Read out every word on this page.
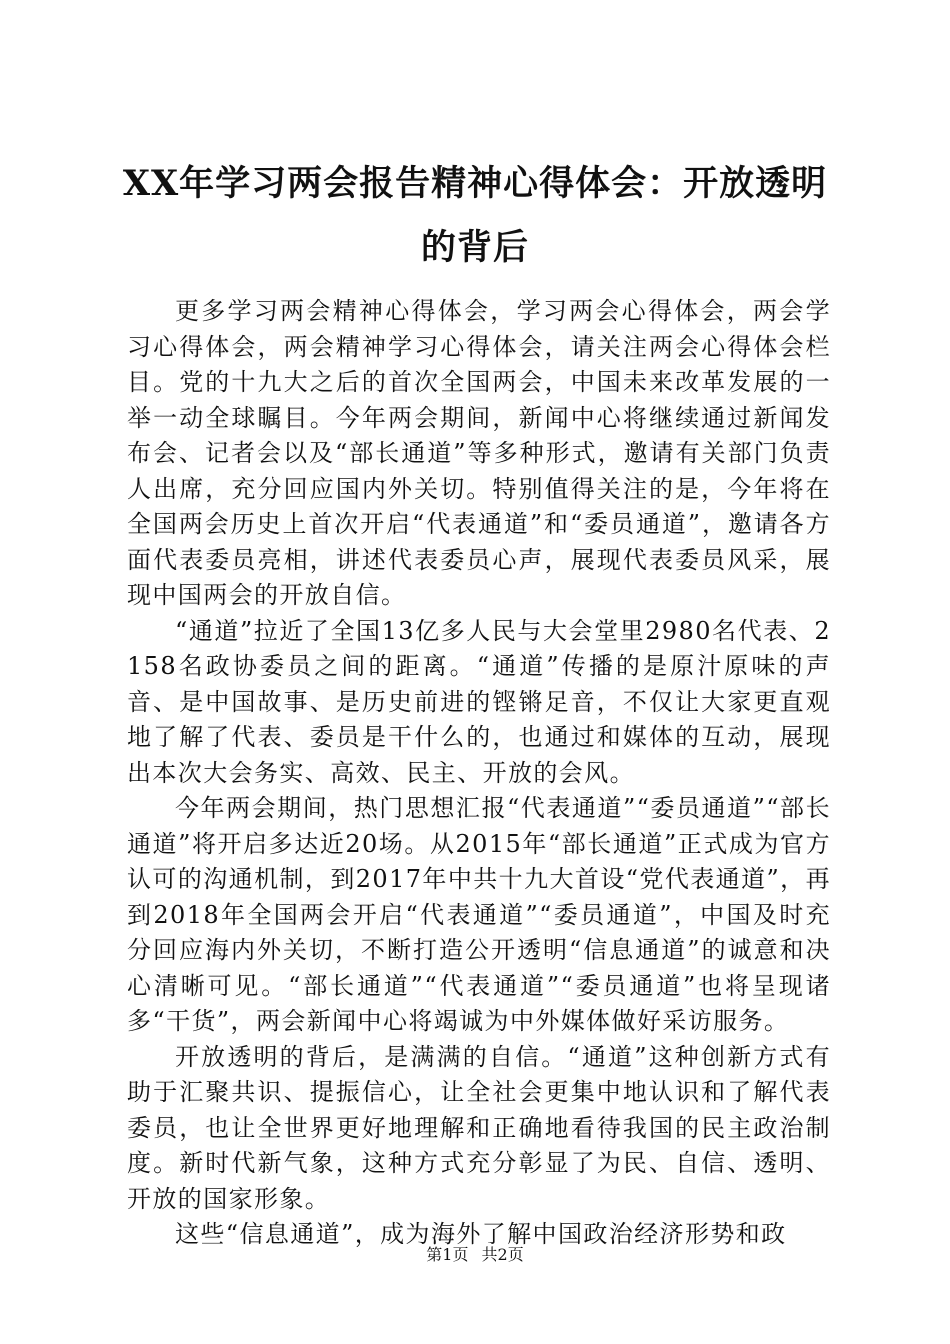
XX年学习两会报告精神心得体会：开放透明
的背后

更多学习两会精神心得体会，学习两会心得体会，两会学习心得体会，两会精神学习心得体会，请关注两会心得体会栏目。党的十九大之后的首次全国两会，中国未来改革发展的一举一动全球瞩目。今年两会期间，新闻中心将继续通过新闻发布会、记者会以及“部长通道”等多种形式，邀请有关部门负责人出席，充分回应国内外关切。特别值得关注的是，今年将在全国两会历史上首次开启“代表通道”和“委员通道”，邀请各方面代表委员亮相，讲述代表委员心声，展现代表委员风采，展现中国两会的开放自信。

“通道”拉近了全国13亿多人民与大会堂里2980名代表、2158名政协委员之间的距离。“通道”传播的是原汁原味的声音、是中国故事、是历史前进的铿锵足音，不仅让大家更直观地了解了代表、委员是干什么的，也通过和媒体的互动，展现出本次大会务实、高效、民主、开放的会风。

今年两会期间，热门思想汇报“代表通道”“委员通道”“部长通道”将开启多达近20场。从2015年“部长通道”正式成为官方认可的沟通机制，到2017年中共十九大首设“党代表通道”，再到2018年全国两会开启“代表通道”“委员通道”，中国及时充分回应海内外关切，不断打造公开透明“信息通道”的诚意和决心清晰可见。“部长通道”“代表通道”“委员通道”也将呈现诸多“干货”，两会新闻中心将竭诚为中外媒体做好采访服务。

开放透明的背后，是满满的自信。“通道”这种创新方式有助于汇聚共识、提振信心，让全社会更集中地认识和了解代表委员，也让全世界更好地理解和正确地看待我国的民主政治制度。新时代新气象，这种方式充分彰显了为民、自信、透明、开放的国家形象。

这些“信息通道”，成为海外了解中国政治经济形势和政

第1页 共2页
